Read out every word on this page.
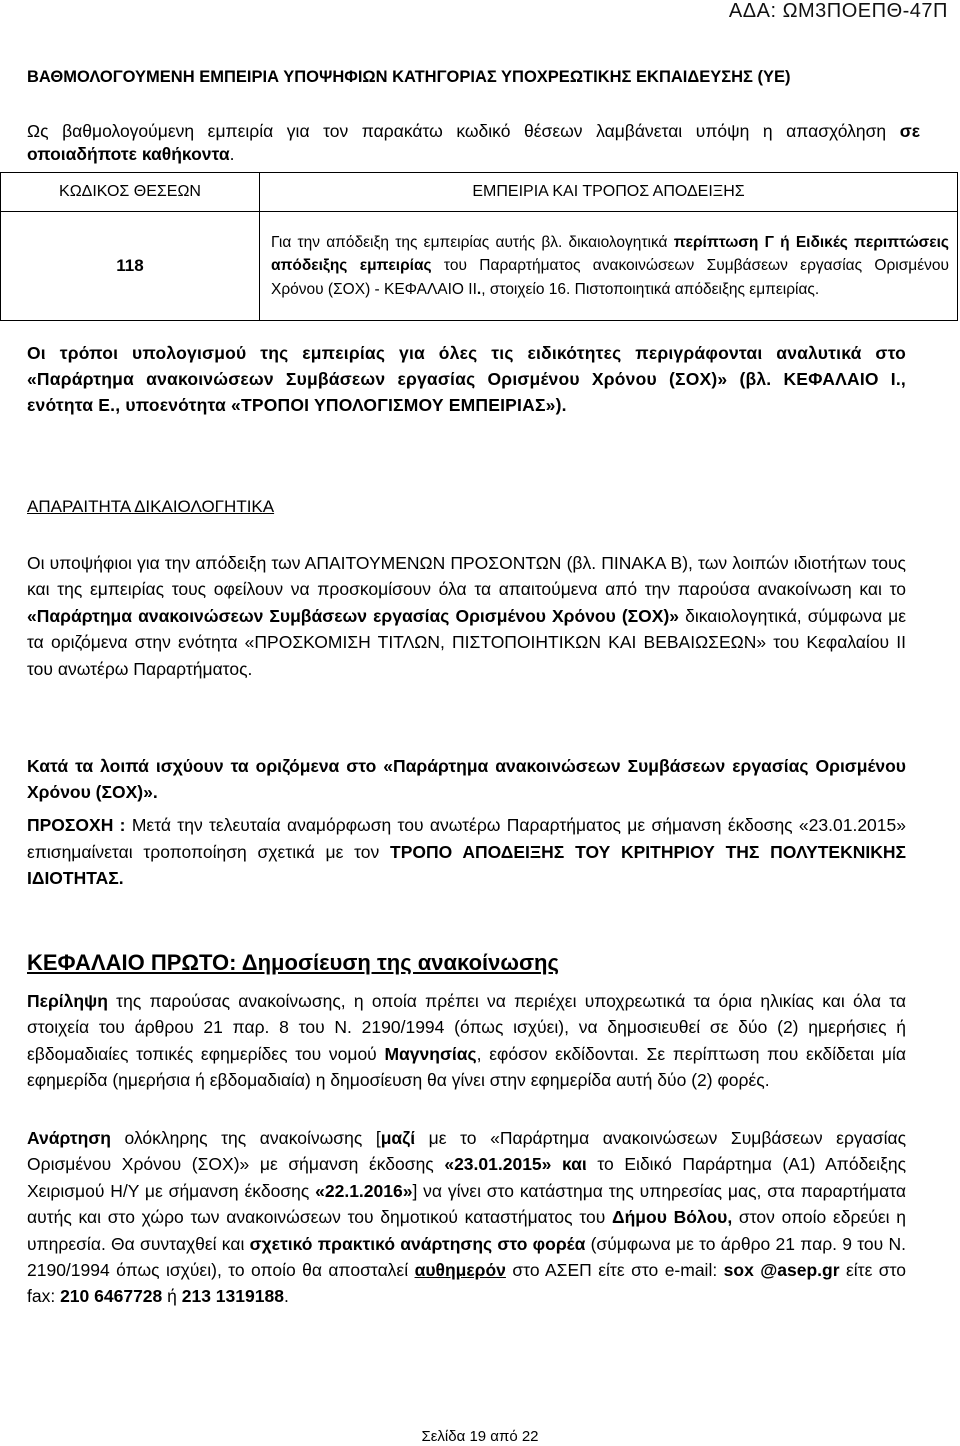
ΑΔΑ: ΩΜ3ΠΟΕΠΘ-47Π
ΒΑΘΜΟΛΟΓΟΥΜΕΝΗ ΕΜΠΕΙΡΙΑ ΥΠΟΨΗΦΙΩΝ ΚΑΤΗΓΟΡΙΑΣ ΥΠΟΧΡΕΩΤΙΚΗΣ ΕΚΠΑΙΔΕΥΣΗΣ (ΥΕ)
Ως βαθμολογούμενη εμπειρία για τον παρακάτω κωδικό θέσεων λαμβάνεται υπόψη η απασχόληση σε οποιαδήποτε καθήκοντα.
ΚΩΔΙΚΟΣ ΘΕΣΕΩΝ	ΕΜΠΕΙΡΙΑ ΚΑΙ ΤΡΟΠΟΣ ΑΠΟΔΕΙΞΗΣ
118	Για την απόδειξη της εμπειρίας αυτής βλ. δικαιολογητικά περίπτωση Γ ή Ειδικές περιπτώσεις απόδειξης εμπειρίας του Παραρτήματος ανακοινώσεων Συμβάσεων εργασίας Ορισμένου Χρόνου (ΣΟΧ) - ΚΕΦΑΛΑΙΟ ΙΙ., στοιχείο 16. Πιστοποιητικά απόδειξης εμπειρίας.
Οι τρόποι υπολογισμού της εμπειρίας για όλες τις ειδικότητες περιγράφονται αναλυτικά στο «Παράρτημα ανακοινώσεων Συμβάσεων εργασίας Ορισμένου Χρόνου (ΣΟΧ)» (βλ. ΚΕΦΑΛΑΙΟ Ι., ενότητα Ε., υποενότητα «ΤΡΟΠΟΙ ΥΠΟΛΟΓΙΣΜΟΥ ΕΜΠΕΙΡΙΑΣ»).
ΑΠΑΡΑΙΤΗΤΑ ΔΙΚΑΙΟΛΟΓΗΤΙΚΑ
Οι υποψήφιοι για την απόδειξη των ΑΠΑΙΤΟΥΜΕΝΩΝ ΠΡΟΣΟΝΤΩΝ (βλ. ΠΙΝΑΚΑ Β), των λοιπών ιδιοτήτων τους και της εμπειρίας τους οφείλουν να προσκομίσουν όλα τα απαιτούμενα από την παρούσα ανακοίνωση και το «Παράρτημα ανακοινώσεων Συμβάσεων εργασίας Ορισμένου Χρόνου (ΣΟΧ)» δικαιολογητικά, σύμφωνα με τα οριζόμενα στην ενότητα «ΠΡΟΣΚΟΜΙΣΗ ΤΙΤΛΩΝ, ΠΙΣΤΟΠΟΙΗΤΙΚΩΝ ΚΑΙ ΒΕΒΑΙΩΣΕΩΝ» του Κεφαλαίου ΙΙ του ανωτέρω Παραρτήματος.
Κατά τα λοιπά ισχύουν τα οριζόμενα στο «Παράρτημα ανακοινώσεων Συμβάσεων εργασίας Ορισμένου Χρόνου (ΣΟΧ)».
ΠΡΟΣΟΧΗ : Μετά την τελευταία αναμόρφωση του ανωτέρω Παραρτήματος με σήμανση έκδοσης «23.01.2015» επισημαίνεται τροποποίηση σχετικά με τον ΤΡΟΠΟ ΑΠΟΔΕΙΞΗΣ ΤΟΥ ΚΡΙΤΗΡΙΟΥ ΤΗΣ ΠΟΛΥΤΕΚΝΙΚΗΣ ΙΔΙΟΤΗΤΑΣ.
ΚΕΦΑΛΑΙΟ ΠΡΩΤΟ: Δημοσίευση της ανακοίνωσης
Περίληψη της παρούσας ανακοίνωσης, η οποία πρέπει να περιέχει υποχρεωτικά τα όρια ηλικίας και όλα τα στοιχεία του άρθρου 21 παρ. 8 του Ν. 2190/1994 (όπως ισχύει), να δημοσιευθεί σε δύο (2) ημερήσιες ή εβδομαδιαίες τοπικές εφημερίδες του νομού Μαγνησίας, εφόσον εκδίδονται. Σε περίπτωση που εκδίδεται μία εφημερίδα (ημερήσια ή εβδομαδιαία) η δημοσίευση θα γίνει στην εφημερίδα αυτή δύο (2) φορές.
Ανάρτηση ολόκληρης της ανακοίνωσης [μαζί με το «Παράρτημα ανακοινώσεων Συμβάσεων εργασίας Ορισμένου Χρόνου (ΣΟΧ)» με σήμανση έκδοσης «23.01.2015» και το Ειδικό Παράρτημα (Α1) Απόδειξης Χειρισμού Η/Υ με σήμανση έκδοσης «22.1.2016»] να γίνει στο κατάστημα της υπηρεσίας μας, στα παραρτήματα αυτής και στο χώρο των ανακοινώσεων του δημοτικού καταστήματος του Δήμου Βόλου, στον οποίο εδρεύει η υπηρεσία. Θα συνταχθεί και σχετικό πρακτικό ανάρτησης στο φορέα (σύμφωνα με το άρθρο 21 παρ. 9 του Ν. 2190/1994 όπως ισχύει), το οποίο θα αποσταλεί αυθημερόν στο ΑΣΕΠ είτε στο e-mail: sox @asep.gr είτε στο fax: 210 6467728 ή 213 1319188.
Σελίδα 19 από 22
